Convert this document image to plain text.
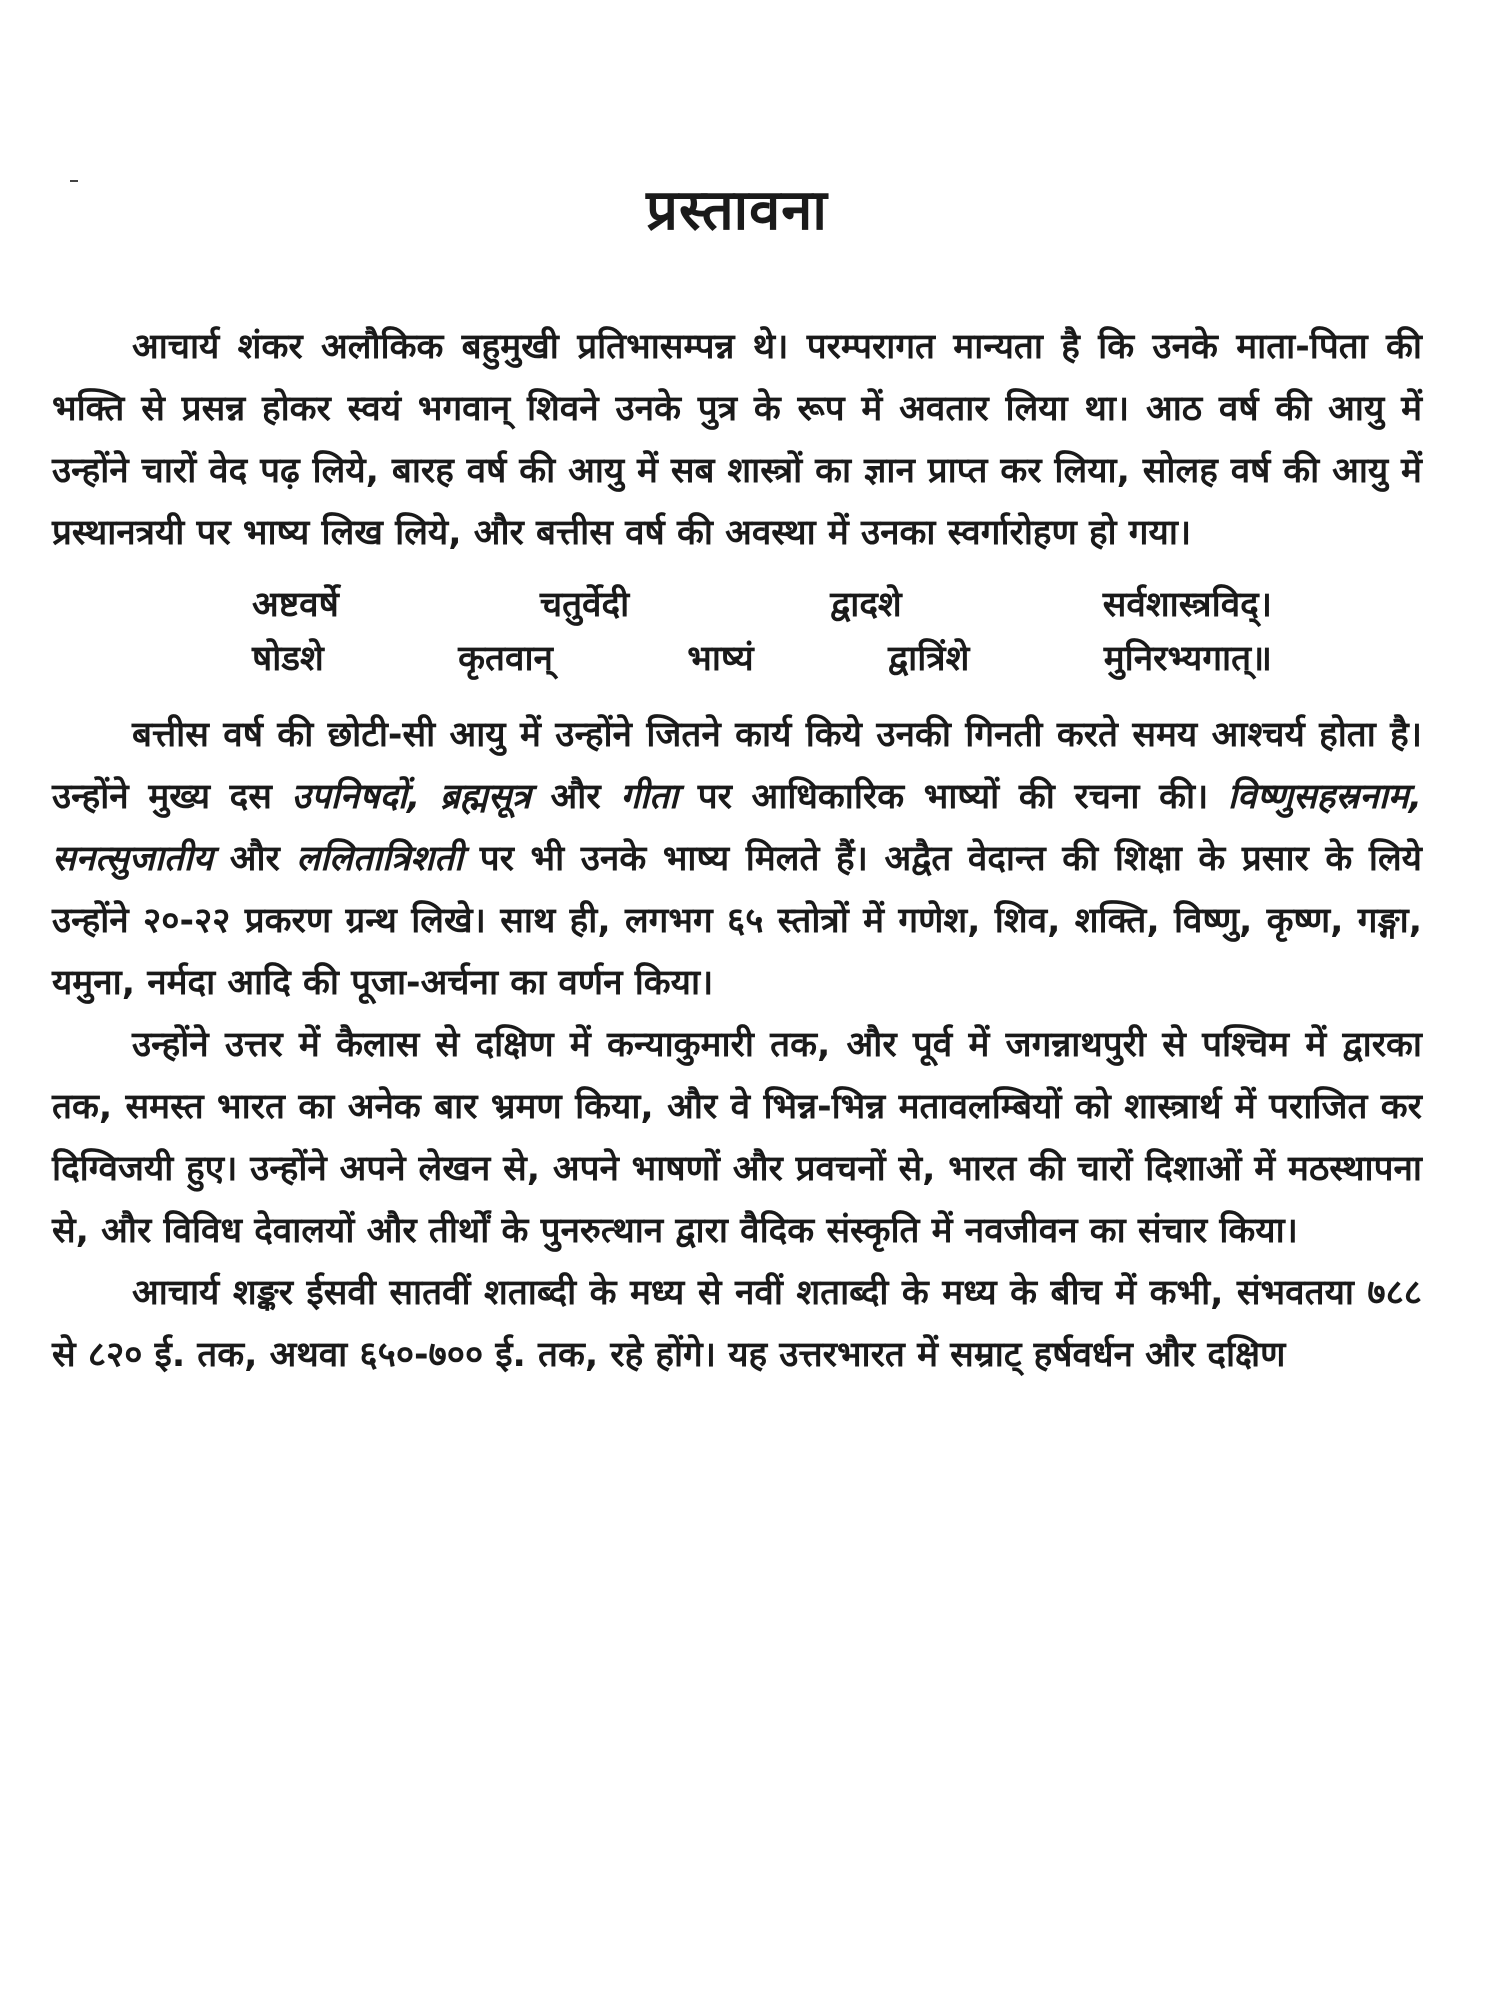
प्रस्तावना

आचार्य शंकर अलौकिक बहुमुखी प्रतिभासम्पन्न थे। परम्परागत मान्यता है कि उनके माता-पिता की भक्ति से प्रसन्न होकर स्वयं भगवान् शिवने उनके पुत्र के रूप में अवतार लिया था। आठ वर्ष की आयु में उन्होंने चारों वेद पढ़ लिये, बारह वर्ष की आयु में सब शास्त्रों का ज्ञान प्राप्त कर लिया, सोलह वर्ष की आयु में प्रस्थानत्रयी पर भाष्य लिख लिये, और बत्तीस वर्ष की अवस्था में उनका स्वर्गारोहण हो गया।

अष्टवर्षे	चतुर्वेदी	द्वादशे	सर्वशास्त्रविद्।
षोडशे	कृतवान्	भाष्यं	द्वात्रिंशे	मुनिरभ्यगात्॥

बत्तीस वर्ष की छोटी-सी आयु में उन्होंने जितने कार्य किये उनकी गिनती करते समय आश्चर्य होता है। उन्होंने मुख्य दस उपनिषदों, ब्रह्मसूत्र और गीता पर आधिकारिक भाष्यों की रचना की। विष्णुसहस्रनाम, सनत्सुजातीय और ललितात्रिशती पर भी उनके भाष्य मिलते हैं। अद्वैत वेदान्त की शिक्षा के प्रसार के लिये उन्होंने २०-२२ प्रकरण ग्रन्थ लिखे। साथ ही, लगभग ६५ स्तोत्रों में गणेश, शिव, शक्ति, विष्णु, कृष्ण, गङ्गा, यमुना, नर्मदा आदि की पूजा-अर्चना का वर्णन किया।

उन्होंने उत्तर में कैलास से दक्षिण में कन्याकुमारी तक, और पूर्व में जगन्नाथपुरी से पश्चिम में द्वारका तक, समस्त भारत का अनेक बार भ्रमण किया, और वे भिन्न-भिन्न मतावलम्बियों को शास्त्रार्थ में पराजित कर दिग्विजयी हुए। उन्होंने अपने लेखन से, अपने भाषणों और प्रवचनों से, भारत की चारों दिशाओं में मठस्थापना से, और विविध देवालयों और तीर्थों के पुनरुत्थान द्वारा वैदिक संस्कृति में नवजीवन का संचार किया।

आचार्य शङ्कर ईसवी सातवीं शताब्दी के मध्य से नवीं शताब्दी के मध्य के बीच में कभी, संभवतया ७८८ से ८२० ई. तक, अथवा ६५०-७०० ई. तक, रहे होंगे। यह उत्तरभारत में सम्राट् हर्षवर्धन और दक्षिण
